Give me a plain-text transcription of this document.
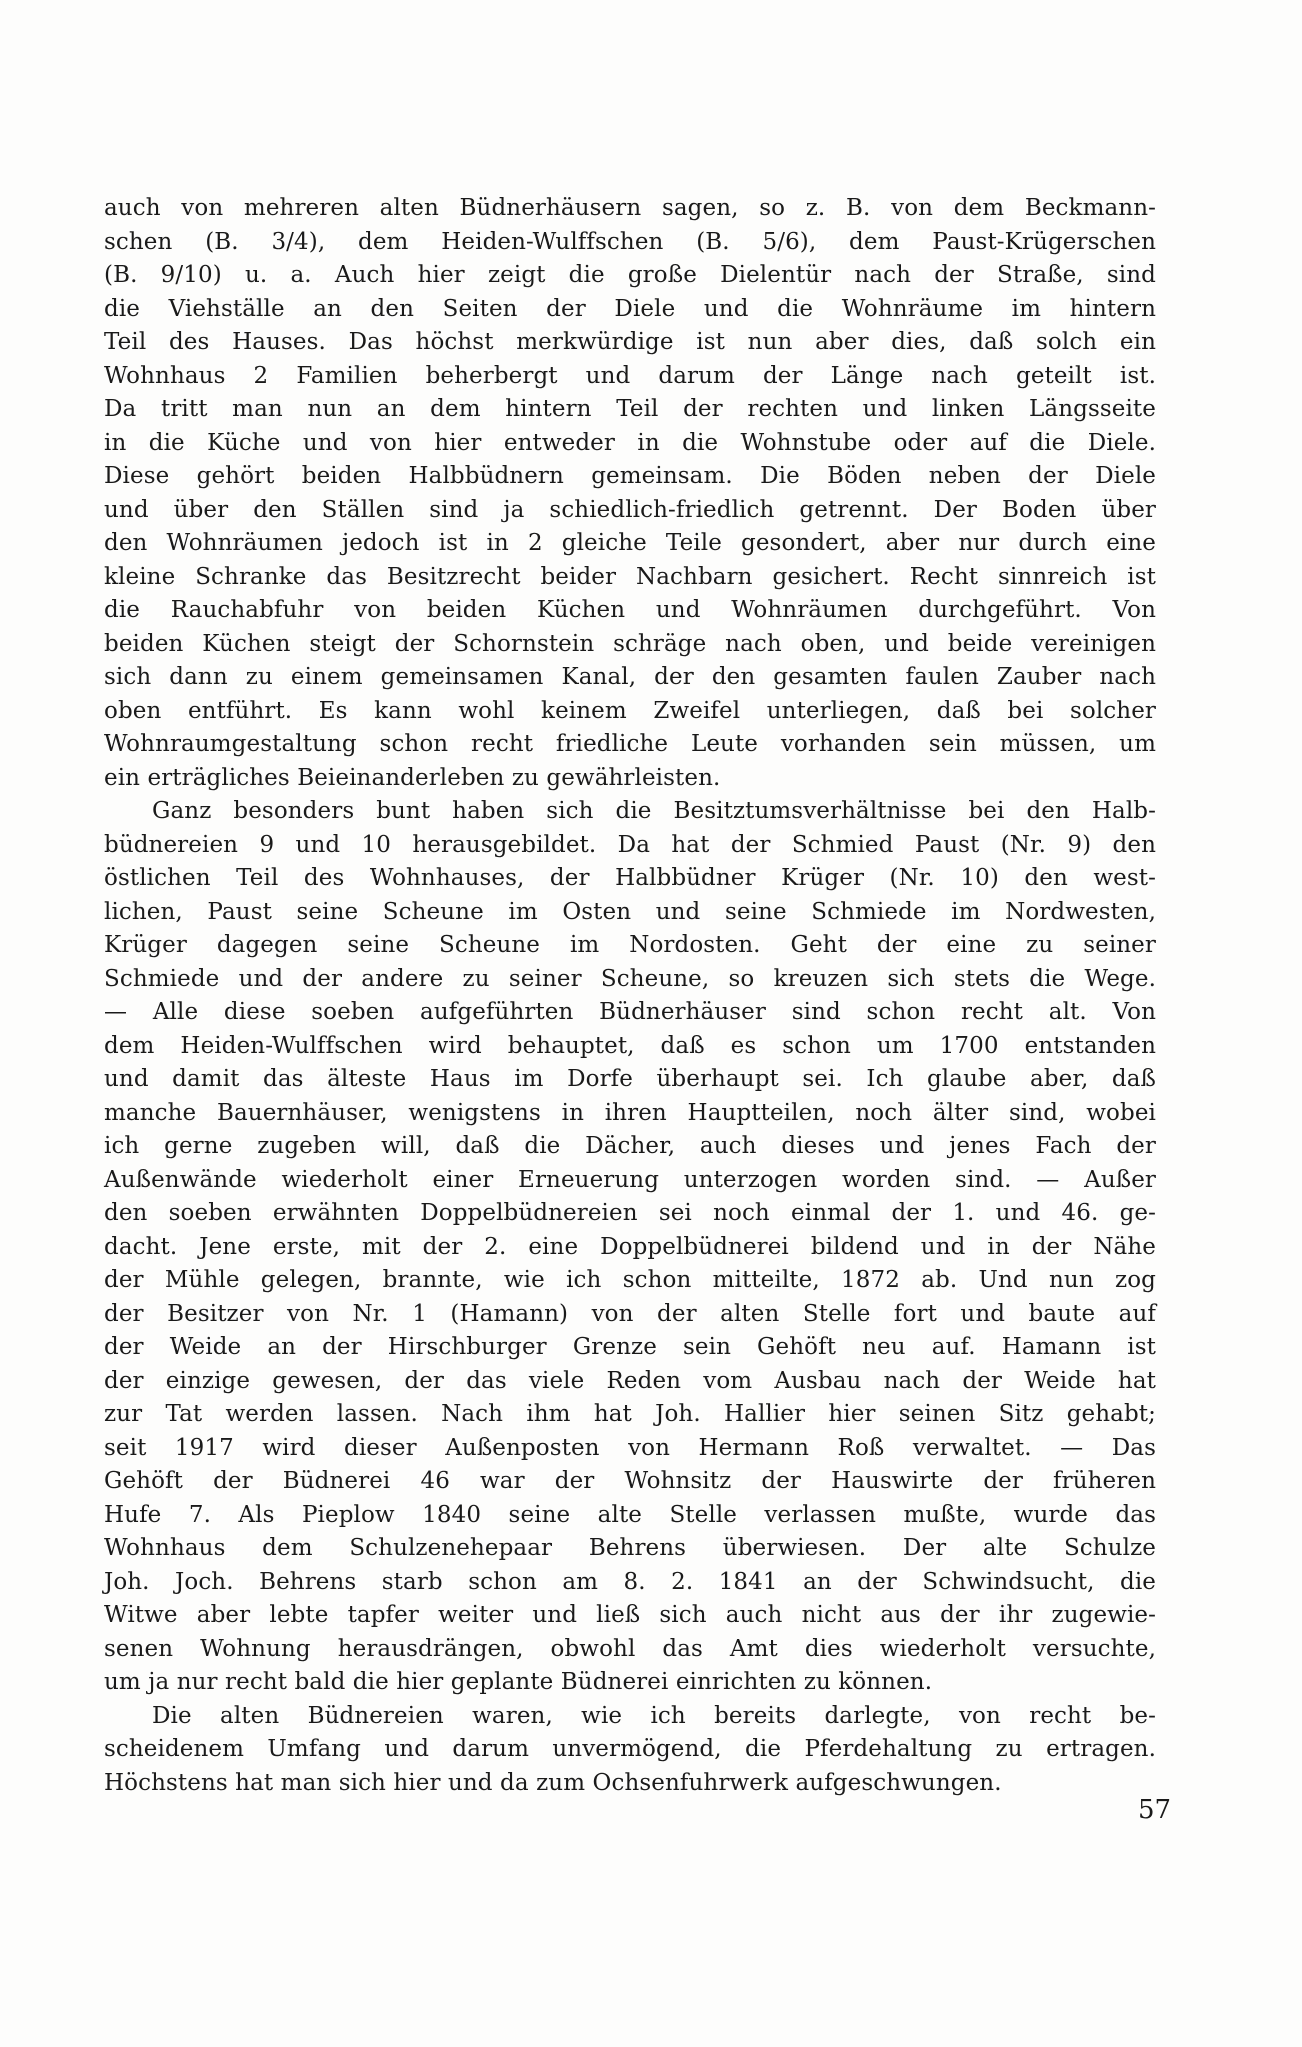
auch von mehreren alten Büdnerhäusern sagen, so z. B. von dem Beckmann-
schen (B. 3/4), dem Heiden-Wulffschen (B. 5/6), dem Paust-Krügerschen
(B. 9/10) u. a. Auch hier zeigt die große Dielentür nach der Straße, sind
die Viehställe an den Seiten der Diele und die Wohnräume im hintern
Teil des Hauses. Das höchst merkwürdige ist nun aber dies, daß solch ein
Wohnhaus 2 Familien beherbergt und darum der Länge nach geteilt ist.
Da tritt man nun an dem hintern Teil der rechten und linken Längsseite
in die Küche und von hier entweder in die Wohnstube oder auf die Diele.
Diese gehört beiden Halbbüdnern gemeinsam. Die Böden neben der Diele
und über den Ställen sind ja schiedlich-friedlich getrennt. Der Boden über
den Wohnräumen jedoch ist in 2 gleiche Teile gesondert, aber nur durch eine
kleine Schranke das Besitzrecht beider Nachbarn gesichert. Recht sinnreich ist
die Rauchabfuhr von beiden Küchen und Wohnräumen durchgeführt. Von
beiden Küchen steigt der Schornstein schräge nach oben, und beide vereinigen
sich dann zu einem gemeinsamen Kanal, der den gesamten faulen Zauber nach
oben entführt. Es kann wohl keinem Zweifel unterliegen, daß bei solcher
Wohnraumgestaltung schon recht friedliche Leute vorhanden sein müssen, um
ein erträgliches Beieinanderleben zu gewährleisten.
Ganz besonders bunt haben sich die Besitztumsverhältnisse bei den Halb-
büdnereien 9 und 10 herausgebildet. Da hat der Schmied Paust (Nr. 9) den
östlichen Teil des Wohnhauses, der Halbbüdner Krüger (Nr. 10) den west-
lichen, Paust seine Scheune im Osten und seine Schmiede im Nordwesten,
Krüger dagegen seine Scheune im Nordosten. Geht der eine zu seiner
Schmiede und der andere zu seiner Scheune, so kreuzen sich stets die Wege.
— Alle diese soeben aufgeführten Büdnerhäuser sind schon recht alt. Von
dem Heiden-Wulffschen wird behauptet, daß es schon um 1700 entstanden
und damit das älteste Haus im Dorfe überhaupt sei. Ich glaube aber, daß
manche Bauernhäuser, wenigstens in ihren Hauptteilen, noch älter sind, wobei
ich gerne zugeben will, daß die Dächer, auch dieses und jenes Fach der
Außenwände wiederholt einer Erneuerung unterzogen worden sind. — Außer
den soeben erwähnten Doppelbüdnereien sei noch einmal der 1. und 46. ge-
dacht. Jene erste, mit der 2. eine Doppelbüdnerei bildend und in der Nähe
der Mühle gelegen, brannte, wie ich schon mitteilte, 1872 ab. Und nun zog
der Besitzer von Nr. 1 (Hamann) von der alten Stelle fort und baute auf
der Weide an der Hirschburger Grenze sein Gehöft neu auf. Hamann ist
der einzige gewesen, der das viele Reden vom Ausbau nach der Weide hat
zur Tat werden lassen. Nach ihm hat Joh. Hallier hier seinen Sitz gehabt;
seit 1917 wird dieser Außenposten von Hermann Roß verwaltet. — Das
Gehöft der Büdnerei 46 war der Wohnsitz der Hauswirte der früheren
Hufe 7. Als Pieplow 1840 seine alte Stelle verlassen mußte, wurde das
Wohnhaus dem Schulzenehepaar Behrens überwiesen. Der alte Schulze
Joh. Joch. Behrens starb schon am 8. 2. 1841 an der Schwindsucht, die
Witwe aber lebte tapfer weiter und ließ sich auch nicht aus der ihr zugewie-
senen Wohnung herausdrängen, obwohl das Amt dies wiederholt versuchte,
um ja nur recht bald die hier geplante Büdnerei einrichten zu können.
Die alten Büdnereien waren, wie ich bereits darlegte, von recht be-
scheidenem Umfang und darum unvermögend, die Pferdehaltung zu ertragen.
Höchstens hat man sich hier und da zum Ochsenfuhrwerk aufgeschwungen.
57
